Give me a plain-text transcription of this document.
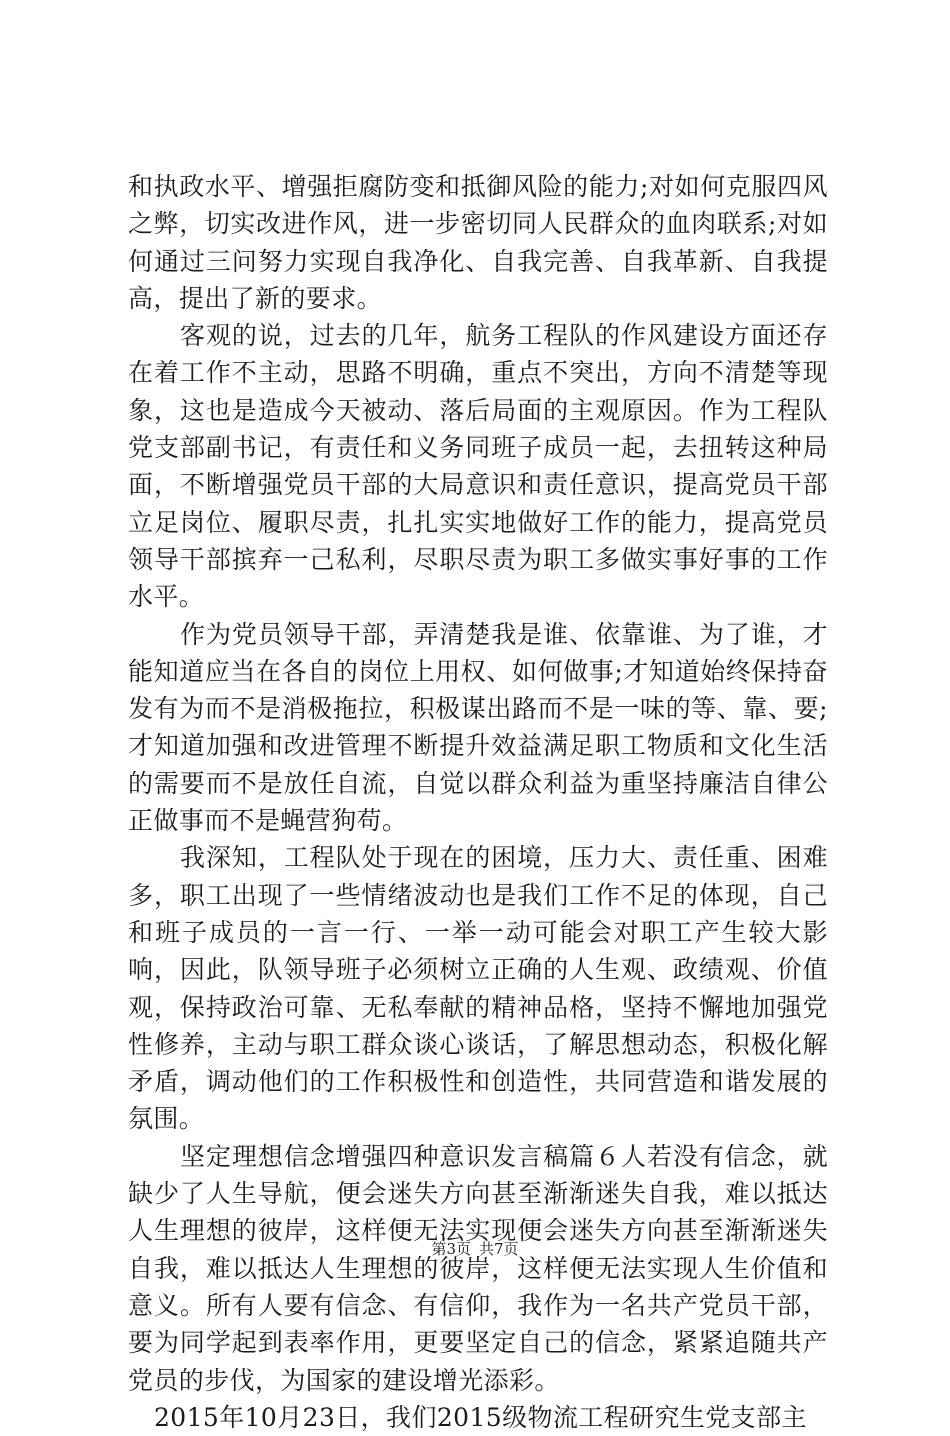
和执政水平、增强拒腐防变和抵御风险的能力;对如何克服四风之弊，切实改进作风，进一步密切同人民群众的血肉联系;对如何通过三问努力实现自我净化、自我完善、自我革新、自我提高，提出了新的要求。

客观的说，过去的几年，航务工程队的作风建设方面还存在着工作不主动，思路不明确，重点不突出，方向不清楚等现象，这也是造成今天被动、落后局面的主观原因。作为工程队党支部副书记，有责任和义务同班子成员一起，去扭转这种局面，不断增强党员干部的大局意识和责任意识，提高党员干部立足岗位、履职尽责，扎扎实实地做好工作的能力，提高党员领导干部摈弃一己私利，尽职尽责为职工多做实事好事的工作水平。

作为党员领导干部，弄清楚我是谁、依靠谁、为了谁，才能知道应当在各自的岗位上用权、如何做事;才知道始终保持奋发有为而不是消极拖拉，积极谋出路而不是一味的等、靠、要;才知道加强和改进管理不断提升效益满足职工物质和文化生活的需要而不是放任自流，自觉以群众利益为重坚持廉洁自律公正做事而不是蝇营狗苟。

我深知，工程队处于现在的困境，压力大、责任重、困难多，职工出现了一些情绪波动也是我们工作不足的体现，自己和班子成员的一言一行、一举一动可能会对职工产生较大影响，因此，队领导班子必须树立正确的人生观、政绩观、价值观，保持政治可靠、无私奉献的精神品格，坚持不懈地加强党性修养，主动与职工群众谈心谈话，了解思想动态，积极化解矛盾，调动他们的工作积极性和创造性，共同营造和谐发展的氛围。

坚定理想信念增强四种意识发言稿篇６人若没有信念，就缺少了人生导航，便会迷失方向甚至渐渐迷失自我，难以抵达人生理想的彼岸，这样便无法实现便会迷失方向甚至渐渐迷失自我，难以抵达人生理想的彼岸，这样便无法实现人生价值和意义。所有人要有信念、有信仰，我作为一名共产党员干部，要为同学起到表率作用，更要坚定自己的信念，紧紧追随共产党员的步伐，为国家的建设增光添彩。

2015年10月23日，我们2015级物流工程研究生党支部主

第3页 共7页
